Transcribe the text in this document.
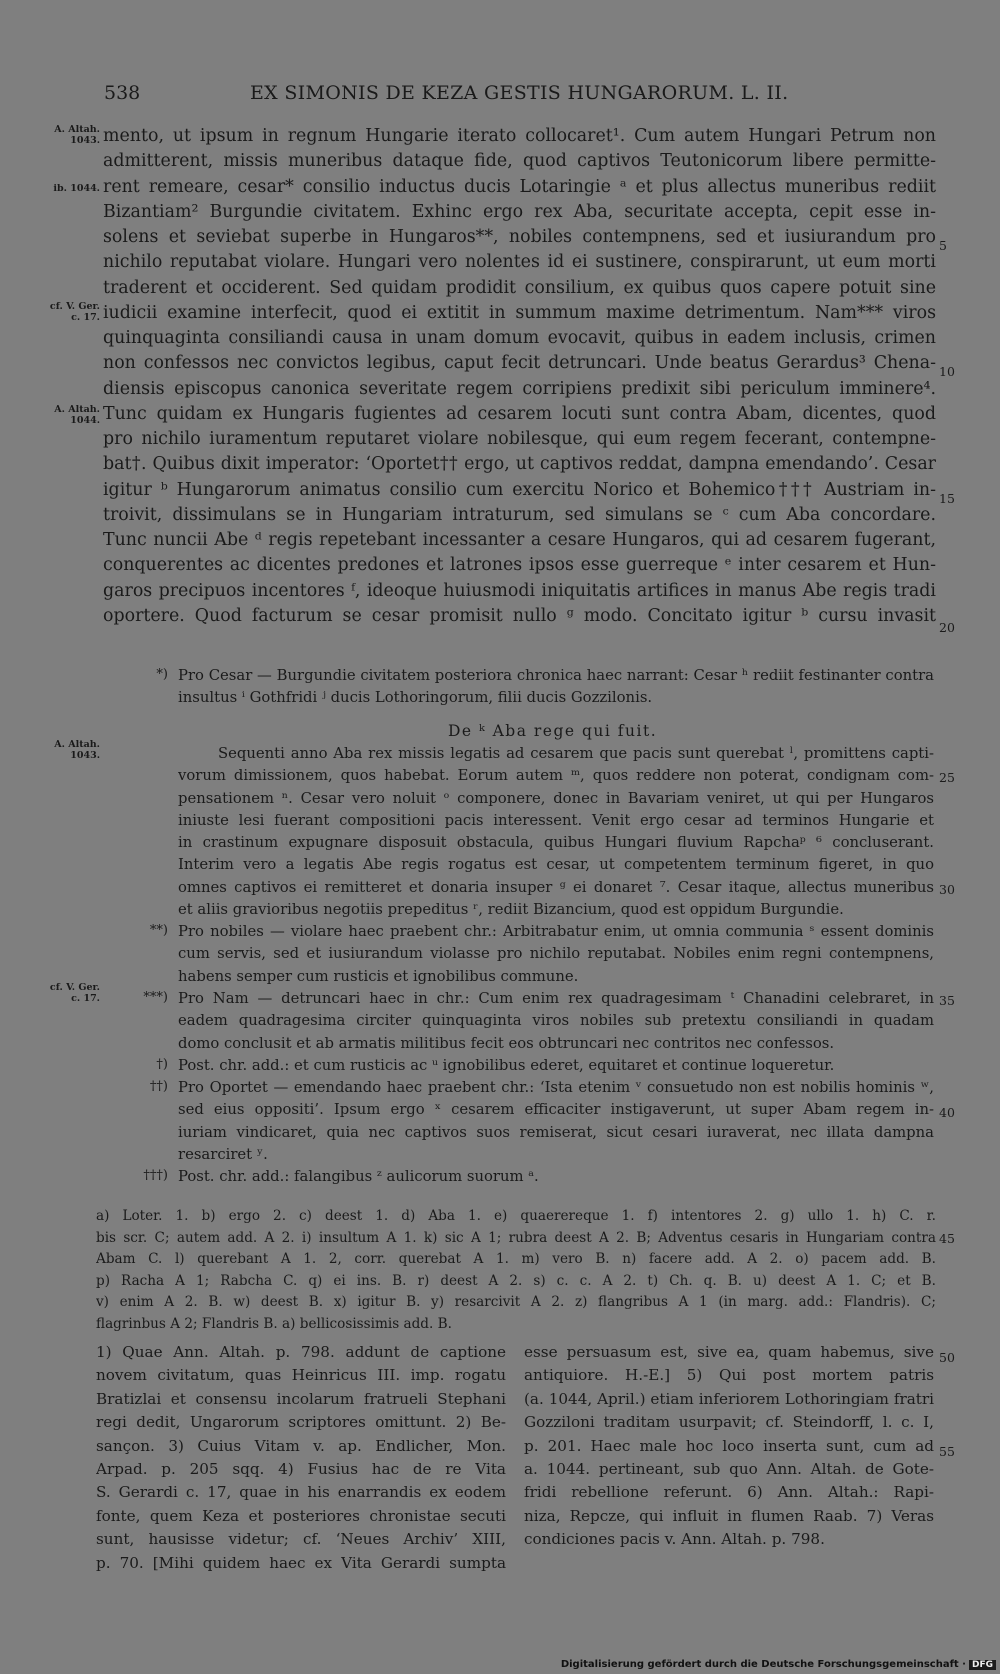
538	EX SIMONIS DE KEZA GESTIS HUNGARORUM. L. II.
A. Altah.
1043.
ib. 1044.
cf. V. Ger.
c. 17.
A. Altah.
1044.
A. Altah.
1043.
cf. V. Ger.
c. 17.
mento, ut ipsum in regnum Hungarie iterato collocaret¹. Cum autem Hungari Petrum non
admitterent, missis muneribus dataque fide, quod captivos Teutonicorum libere permitte-
rent remeare, cesar* consilio inductus ducis Lotaringie ᵃ et plus allectus muneribus rediit
Bizantiam² Burgundie civitatem. Exhinc ergo rex Aba, securitate accepta, cepit esse in-
solens et seviebat superbe in Hungaros**, nobiles contempnens, sed et iusiurandum pro
nichilo reputabat violare. Hungari vero nolentes id ei sustinere, conspirarunt, ut eum morti
traderent et occiderent. Sed quidam prodidit consilium, ex quibus quos capere potuit sine
iudicii examine interfecit, quod ei extitit in summum maxime detrimentum. Nam*** viros
quinquaginta consiliandi causa in unam domum evocavit, quibus in eadem inclusis, crimen
non confessos nec convictos legibus, caput fecit detruncari. Unde beatus Gerardus³ Chena-
diensis episcopus canonica severitate regem corripiens predixit sibi periculum imminere⁴.
Tunc quidam ex Hungaris fugientes ad cesarem locuti sunt contra Abam, dicentes, quod
pro nichilo iuramentum reputaret violare nobilesque, qui eum regem fecerant, contempne-
bat†. Quibus dixit imperator: ‘Oportet†† ergo, ut captivos reddat, dampna emendando’. Cesar
igitur ᵇ Hungarorum animatus consilio cum exercitu Norico et Bohemico††† Austriam in-
troivit, dissimulans se in Hungariam intraturum, sed simulans se ᶜ cum Aba concordare.
Tunc nuncii Abe ᵈ regis repetebant incessanter a cesare Hungaros, qui ad cesarem fugerant,
conquerentes ac dicentes predones et latrones ipsos esse guerreque ᵉ inter cesarem et Hun-
garos precipuos incentores ᶠ, ideoque huiusmodi iniquitatis artifices in manus Abe regis tradi
oportere. Quod facturum se cesar promisit nullo ᵍ modo. Concitato igitur ᵇ cursu invasit
*) Pro Cesar — Burgundie civitatem posteriora chronica haec narrant: Cesar ʰ rediit festinanter contra
insultus ⁱ Gothfridi ʲ ducis Lothoringorum, filii ducis Gozzilonis.
De ᵏ Aba rege qui fuit.
Sequenti anno Aba rex missis legatis ad cesarem que pacis sunt querebat ˡ, promittens capti-
vorum dimissionem, quos habebat. Eorum autem ᵐ, quos reddere non poterat, condignam com-
pensationem ⁿ. Cesar vero noluit ᵒ componere, donec in Bavariam veniret, ut qui per Hungaros
iniuste lesi fuerant compositioni pacis interessent. Venit ergo cesar ad terminos Hungarie et
in crastinum expugnare disposuit obstacula, quibus Hungari fluvium Rapchaᵖ ⁶ concluserant.
Interim vero a legatis Abe regis rogatus est cesar, ut competentem terminum figeret, in quo
omnes captivos ei remitteret et donaria insuper ᵍ ei donaret ⁷. Cesar itaque, allectus muneribus
et aliis gravioribus negotiis prepeditus ʳ, rediit Bizancium, quod est oppidum Burgundie.
**) Pro nobiles — violare haec praebent chr.: Arbitrabatur enim, ut omnia communia ˢ essent dominis
cum servis, sed et iusiurandum violasse pro nichilo reputabat. Nobiles enim regni contempnens,
habens semper cum rusticis et ignobilibus commune.
***) Pro Nam — detruncari haec in chr.: Cum enim rex quadragesimam ᵗ Chanadini celebraret, in
eadem quadragesima circiter quinquaginta viros nobiles sub pretextu consiliandi in quadam
domo conclusit et ab armatis militibus fecit eos obtruncari nec contritos nec confessos.
†) Post. chr. add.: et cum rusticis ac ᵘ ignobilibus ederet, equitaret et continue loqueretur.
††) Pro Oportet — emendando haec praebent chr.: ‘Ista etenim ᵛ consuetudo non est nobilis hominis ʷ,
sed eius oppositi’. Ipsum ergo ˣ cesarem efficaciter instigaverunt, ut super Abam regem in-
iuriam vindicaret, quia nec captivos suos remiserat, sicut cesari iuraverat, nec illata dampna
resarciret ʸ.
†††) Post. chr. add.: falangibus ᶻ aulicorum suorum ᵃ.
a) Loter. 1. b) ergo 2. c) deest 1. d) Aba 1. e) quaerereque 1. f) intentores 2. g) ullo 1. h) C. r.
bis scr. C; autem add. A 2. i) insultum A 1. k) sic A 1; rubra deest A 2. B; Adventus cesaris in Hungariam contra
Abam C. l) querebant A 1. 2, corr. querebat A 1. m) vero B. n) facere add. A 2. o) pacem add. B.
p) Racha A 1; Rabcha C. q) ei ins. B. r) deest A 2. s) c. c. A 2. t) Ch. q. B. u) deest A 1. C; et B.
v) enim A 2. B. w) deest B. x) igitur B. y) resarcivit A 2. z) flangribus A 1 (in marg. add.: Flandris). C;
flagrinbus A 2; Flandris B. a) bellicosissimis add. B.
1) Quae Ann. Altah. p. 798. addunt de captione
novem civitatum, quas Heinricus III. imp. rogatu
Bratizlai et consensu incolarum fratrueli Stephani
regi dedit, Ungarorum scriptores omittunt. 2) Be-
sançon. 3) Cuius Vitam v. ap. Endlicher, Mon.
Arpad. p. 205 sqq. 4) Fusius hac de re Vita
S. Gerardi c. 17, quae in his enarrandis ex eodem
fonte, quem Keza et posteriores chronistae secuti
sunt, hausisse videtur; cf. ‘Neues Archiv’ XIII,
p. 70. [Mihi quidem haec ex Vita Gerardi sumpta
esse persuasum est, sive ea, quam habemus, sive
antiquiore. H.-E.] 5) Qui post mortem patris
(a. 1044, April.) etiam inferiorem Lothoringiam fratri
Gozziloni traditam usurpavit; cf. Steindorff, l. c. I,
p. 201. Haec male hoc loco inserta sunt, cum ad
a. 1044. pertineant, sub quo Ann. Altah. de Gote-
fridi rebellione referunt. 6) Ann. Altah.: Rapi-
niza, Repcze, qui influit in flumen Raab. 7) Veras
condiciones pacis v. Ann. Altah. p. 798.
5
10
15
20
25
30
35
40
45
50
55
Digitalisierung gefördert durch die Deutsche Forschungsgemeinschaft · DFG
